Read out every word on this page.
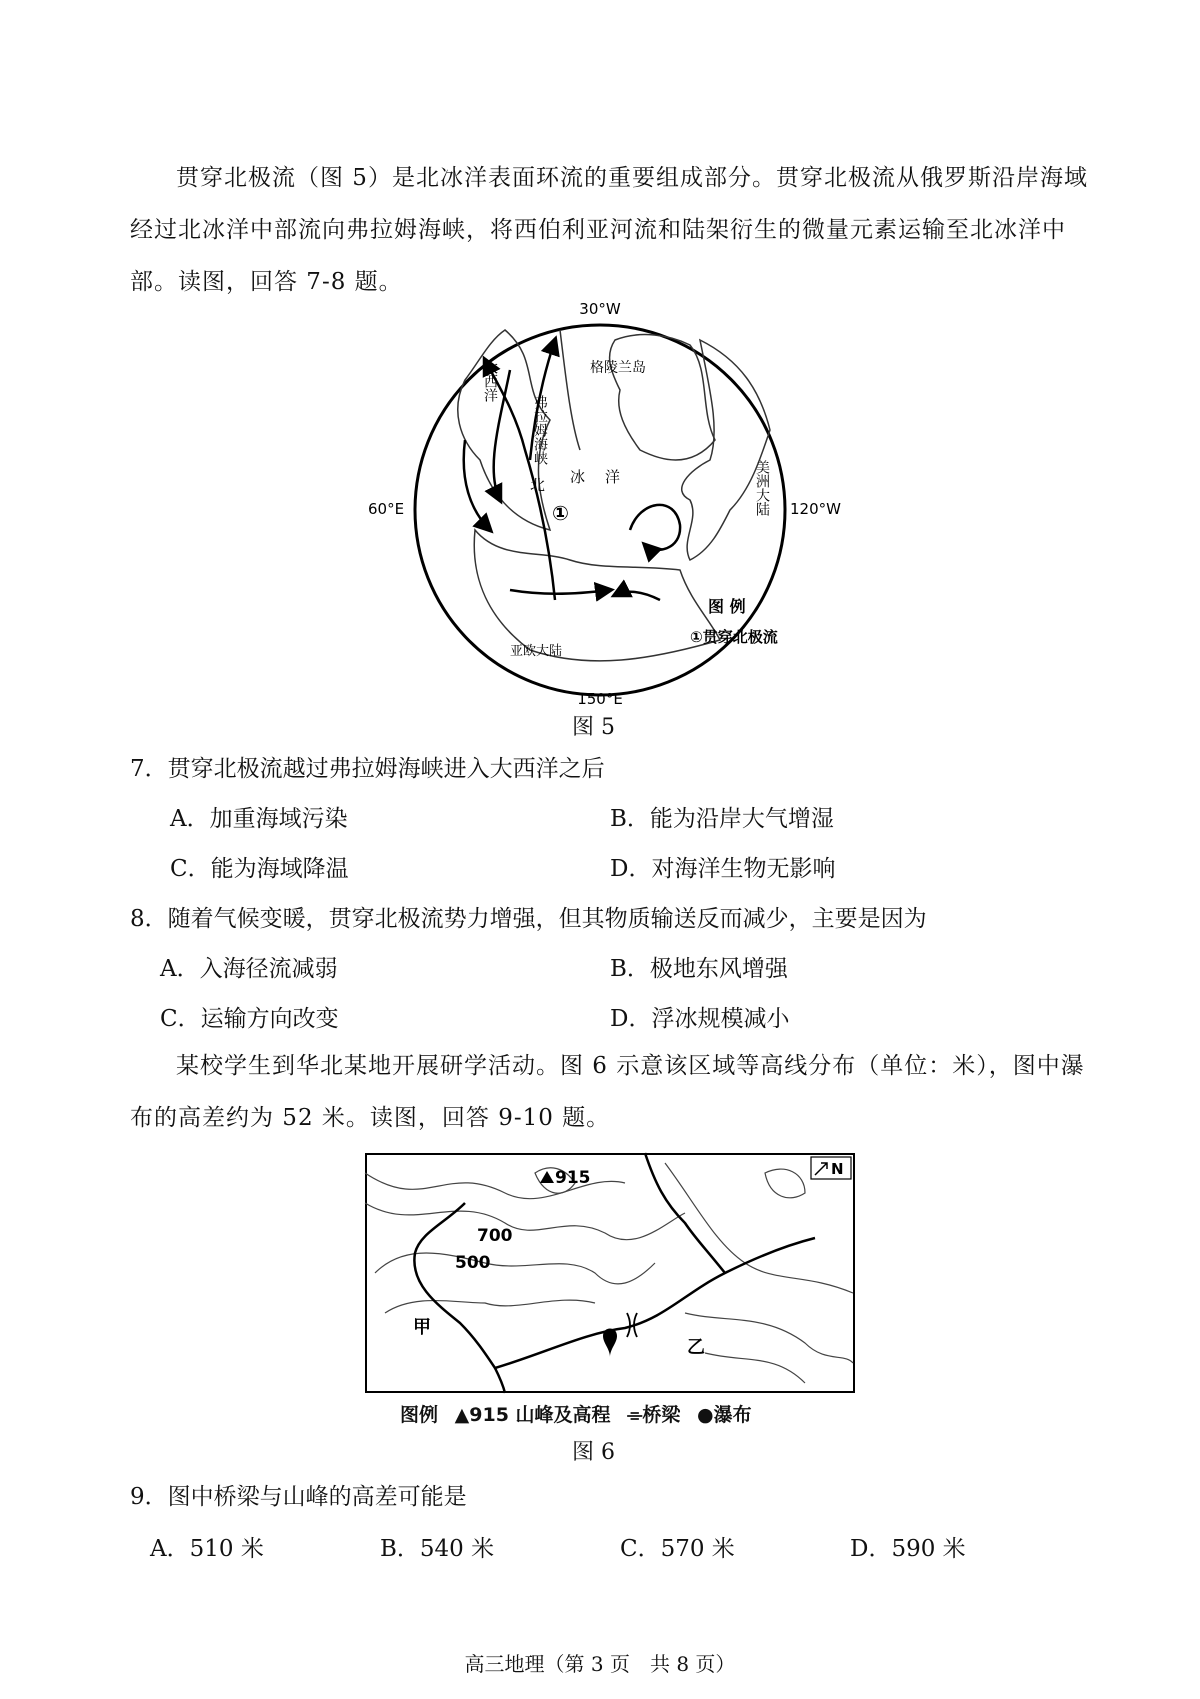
贯穿北极流（图 5）是北冰洋表面环流的重要组成部分。贯穿北极流从俄罗斯沿岸海域经过北冰洋中部流向弗拉姆海峡，将西伯利亚河流和陆架衍生的微量元素运输至北冰洋中部。读图，回答 7-8 题。
30°W
60°E	120°W
150°E
大西洋	格陵兰岛
弗拉姆海峡
北 冰 洋	美洲大陆
亚欧大陆
①
图 例
①贯穿北极流
图 5
7．贯穿北极流越过弗拉姆海峡进入大西洋之后
A．加重海域污染	B．能为沿岸大气增湿
C．能为海域降温	D．对海洋生物无影响
8．随着气候变暖，贯穿北极流势力增强，但其物质输送反而减少，主要是因为
A．入海径流减弱	B．极地东风增强
C．运输方向改变	D．浮冰规模减小
某校学生到华北某地开展研学活动。图 6 示意该区域等高线分布（单位：米），图中瀑布的高差约为 52 米。读图，回答 9-10 题。
915
700
500
甲
乙
N
图例 ▲915 山峰及高程 ⌯桥梁 ●瀑布
图 6
9．图中桥梁与山峰的高差可能是
A．510 米	B．540 米	C．570 米	D．590 米
高三地理（第 3 页　共 8 页）
